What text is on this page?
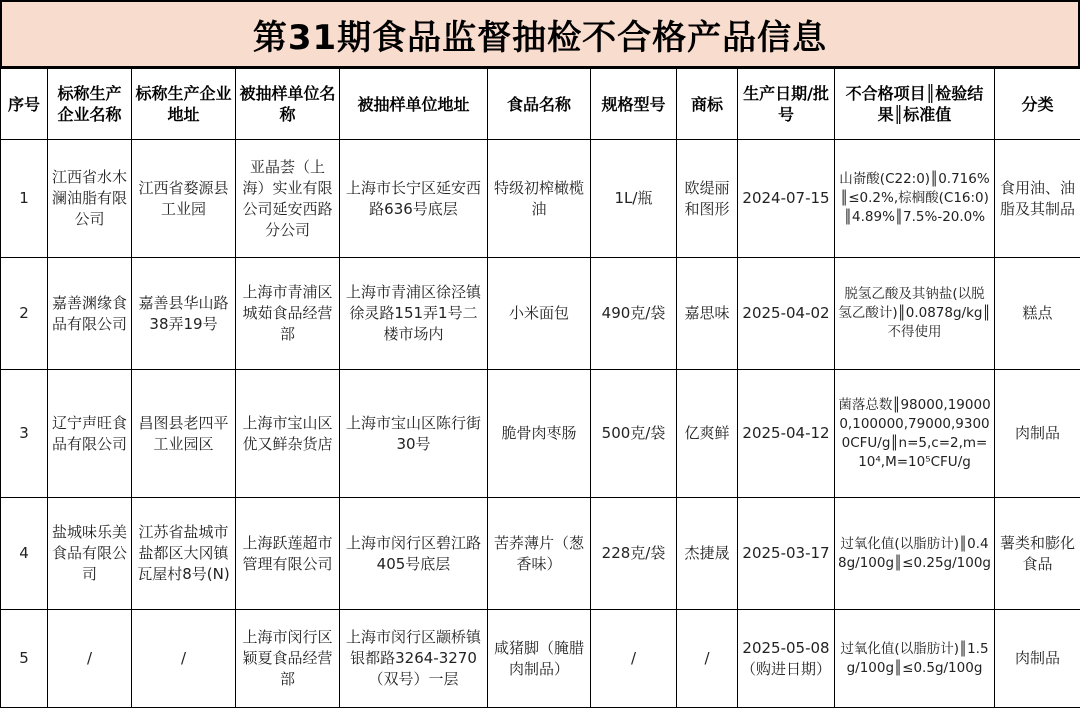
第31期食品监督抽检不合格产品信息
序号	标称生产企业名称	标称生产企业地址	被抽样单位名称	被抽样单位地址	食品名称	规格型号	商标	生产日期/批号	不合格项目║检验结果║标准值	分类
1	江西省水木澜油脂有限公司	江西省婺源县工业园	亚晶荟（上海）实业有限公司延安西路分公司	上海市长宁区延安西路636号底层	特级初榨橄榄油	1L/瓶	欧缇丽和图形	2024-07-15	山嵛酸(C22:0)║0.716%║≤0.2%,棕榈酸(C16:0)║4.89%║7.5%-20.0%	食用油、油脂及其制品
2	嘉善渊缘食品有限公司	嘉善县华山路38弄19号	上海市青浦区城茹食品经营部	上海市青浦区徐泾镇徐灵路151弄1号二楼市场内	小米面包	490克/袋	嘉思味	2025-04-02	脱氢乙酸及其钠盐(以脱氢乙酸计)║0.0878g/kg║不得使用	糕点
3	辽宁声旺食品有限公司	昌图县老四平工业园区	上海市宝山区优又鲜杂货店	上海市宝山区陈行街30号	脆骨肉枣肠	500克/袋	亿爽鲜	2025-04-12	菌落总数║98000,190000,100000,79000,93000CFU/g║n=5,c=2,m=10⁴,M=10⁵CFU/g	肉制品
4	盐城味乐美食品有限公司	江苏省盐城市盐都区大冈镇瓦屋村8号(N)	上海跃莲超市管理有限公司	上海市闵行区碧江路405号底层	苦荞薄片（葱香味）	228克/袋	杰捷晟	2025-03-17	过氧化值(以脂肪计)║0.48g/100g║≤0.25g/100g	薯类和膨化食品
5	/	/	上海市闵行区颖夏食品经营部	上海市闵行区颛桥镇银都路3264-3270（双号）一层	咸猪脚（腌腊肉制品）	/	/	2025-05-08（购进日期）	过氧化值(以脂肪计)║1.5g/100g║≤0.5g/100g	肉制品
